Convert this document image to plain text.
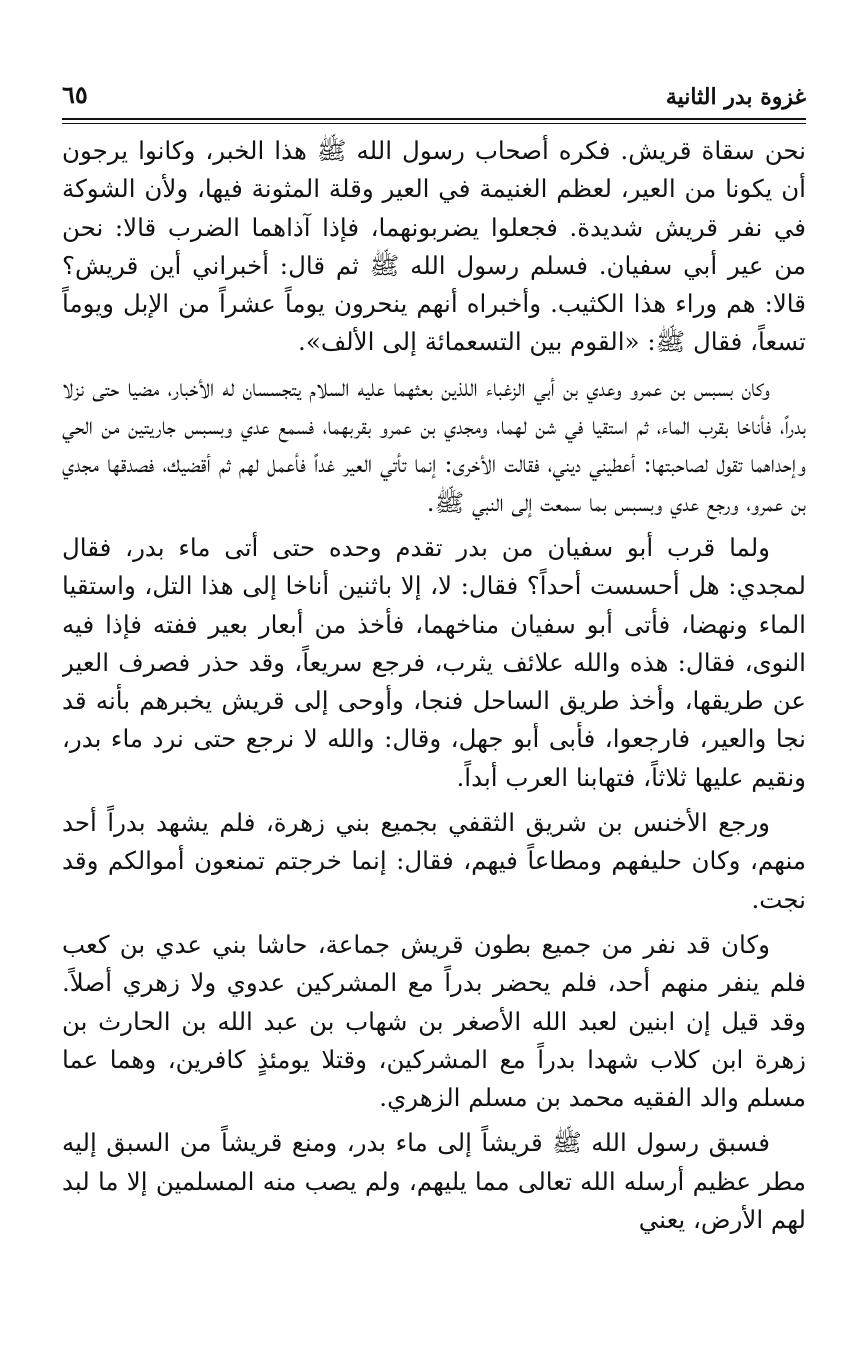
غزوة بدر الثانية
٦٥

نحن سقاة قريش. فكره أصحاب رسول الله ﷺ هذا الخبر، وكانوا يرجون أن يكونا من العير، لعظم الغنيمة في العير وقلة المثونة فيها، ولأن الشوكة في نفر قريش شديدة. فجعلوا يضربونهما، فإذا آذاهما الضرب قالا: نحن من عير أبي سفيان. فسلم رسول الله ﷺ ثم قال: أخبراني أين قريش؟ قالا: هم وراء هذا الكثيب. وأخبراه أنهم ينحرون يوماً عشراً من الإبل ويوماً تسعاً، فقال ﷺ: «القوم بين التسعمائة إلى الألف».

وكان بسبس بن عمرو وعدي بن أبي الزغباء اللذين بعثهما عليه السلام يتجسسان له الأخبار، مضيا حتى نزلا بدراً، فأناخا بقرب الماء، ثم استقيا في شن لهما، ومجدي بن عمرو بقربهما، فسمع عدي وبسبس جاريتين من الحي وإحداهما تقول لصاحبتها: أعطيني ديني، فقالت الأخرى: إنما تأتي العير غداً فأعمل لهم ثم أقضيك، فصدقها مجدي بن عمرو، ورجع عدي وبسبس بما سمعت إلى النبي ﷺ.

ولما قرب أبو سفيان من بدر تقدم وحده حتى أتى ماء بدر، فقال لمجدي: هل أحسست أحداً؟ فقال: لا، إلا باثنين أناخا إلى هذا التل، واستقيا الماء ونهضا، فأتى أبو سفيان مناخهما، فأخذ من أبعار بعير ففته فإذا فيه النوى، فقال: هذه والله علائف يثرب، فرجع سريعاً، وقد حذر فصرف العير عن طريقها، وأخذ طريق الساحل فنجا، وأوحى إلى قريش يخبرهم بأنه قد نجا والعير، فارجعوا، فأبى أبو جهل، وقال: والله لا نرجع حتى نرد ماء بدر، ونقيم عليها ثلاثاً، فتهابنا العرب أبداً.

ورجع الأخنس بن شريق الثقفي بجميع بني زهرة، فلم يشهد بدراً أحد منهم، وكان حليفهم ومطاعاً فيهم، فقال: إنما خرجتم تمنعون أموالكم وقد نجت.

وكان قد نفر من جميع بطون قريش جماعة، حاشا بني عدي بن كعب فلم ينفر منهم أحد، فلم يحضر بدراً مع المشركين عدوي ولا زهري أصلاً. وقد قيل إن ابنين لعبد الله الأصغر بن شهاب بن عبد الله بن الحارث بن زهرة ابن كلاب شهدا بدراً مع المشركين، وقتلا يومئذٍ كافرين، وهما عما مسلم والد الفقيه محمد بن مسلم الزهري.

فسبق رسول الله ﷺ قريشاً إلى ماء بدر، ومنع قريشاً من السبق إليه مطر عظيم أرسله الله تعالى مما يليهم، ولم يصب منه المسلمين إلا ما لبد لهم الأرض، يعني
